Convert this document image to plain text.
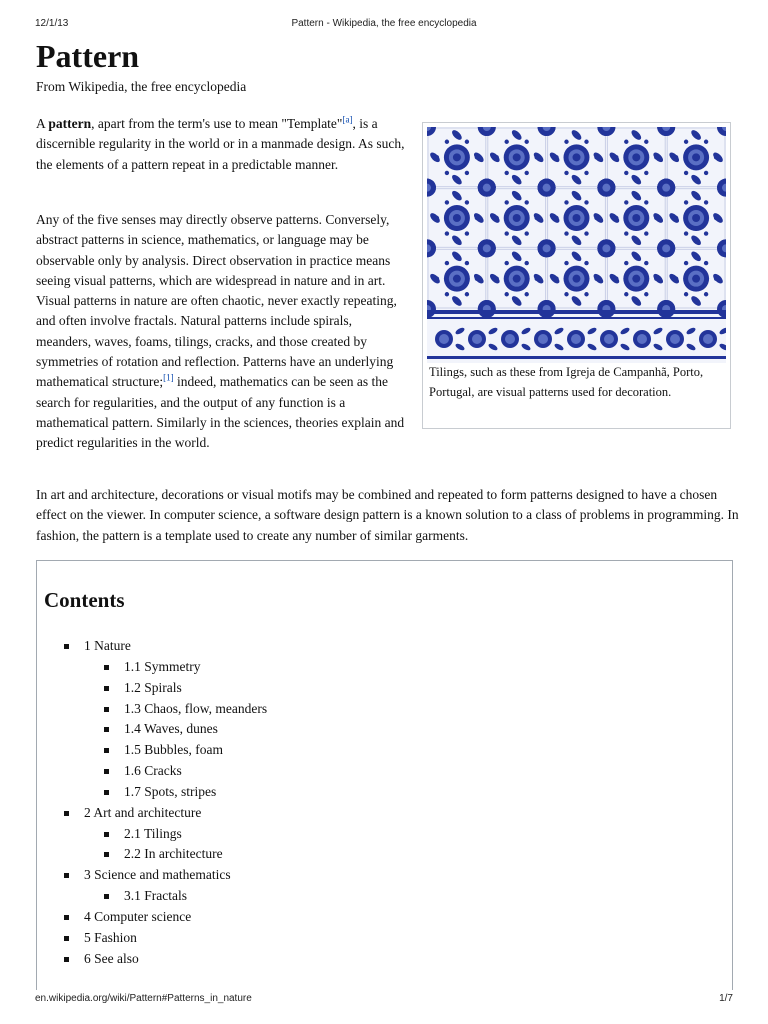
12/1/13	Pattern - Wikipedia, the free encyclopedia
Pattern
From Wikipedia, the free encyclopedia

A pattern, apart from the term's use to mean "Template"[a], is a discernible regularity in the world or in a manmade design. As such, the elements of a pattern repeat in a predictable manner.

Any of the five senses may directly observe patterns. Conversely, abstract patterns in science, mathematics, or language may be observable only by analysis. Direct observation in practice means seeing visual patterns, which are widespread in nature and in art. Visual patterns in nature are often chaotic, never exactly repeating, and often involve fractals. Natural patterns include spirals, meanders, waves, foams, tilings, cracks, and those created by symmetries of rotation and reflection. Patterns have an underlying mathematical structure;[1] indeed, mathematics can be seen as the search for regularities, and the output of any function is a mathematical pattern. Similarly in the sciences, theories explain and predict regularities in the world.

Tilings, such as these from Igreja de Campanhã, Porto, Portugal, are visual patterns used for decoration.

In art and architecture, decorations or visual motifs may be combined and repeated to form patterns designed to have a chosen effect on the viewer. In computer science, a software design pattern is a known solution to a class of problems in programming. In fashion, the pattern is a template used to create any number of similar garments.

Contents
1 Nature
1.1 Symmetry
1.2 Spirals
1.3 Chaos, flow, meanders
1.4 Waves, dunes
1.5 Bubbles, foam
1.6 Cracks
1.7 Spots, stripes
2 Art and architecture
2.1 Tilings
2.2 In architecture
3 Science and mathematics
3.1 Fractals
4 Computer science
5 Fashion
6 See also
en.wikipedia.org/wiki/Pattern#Patterns_in_nature	1/7
